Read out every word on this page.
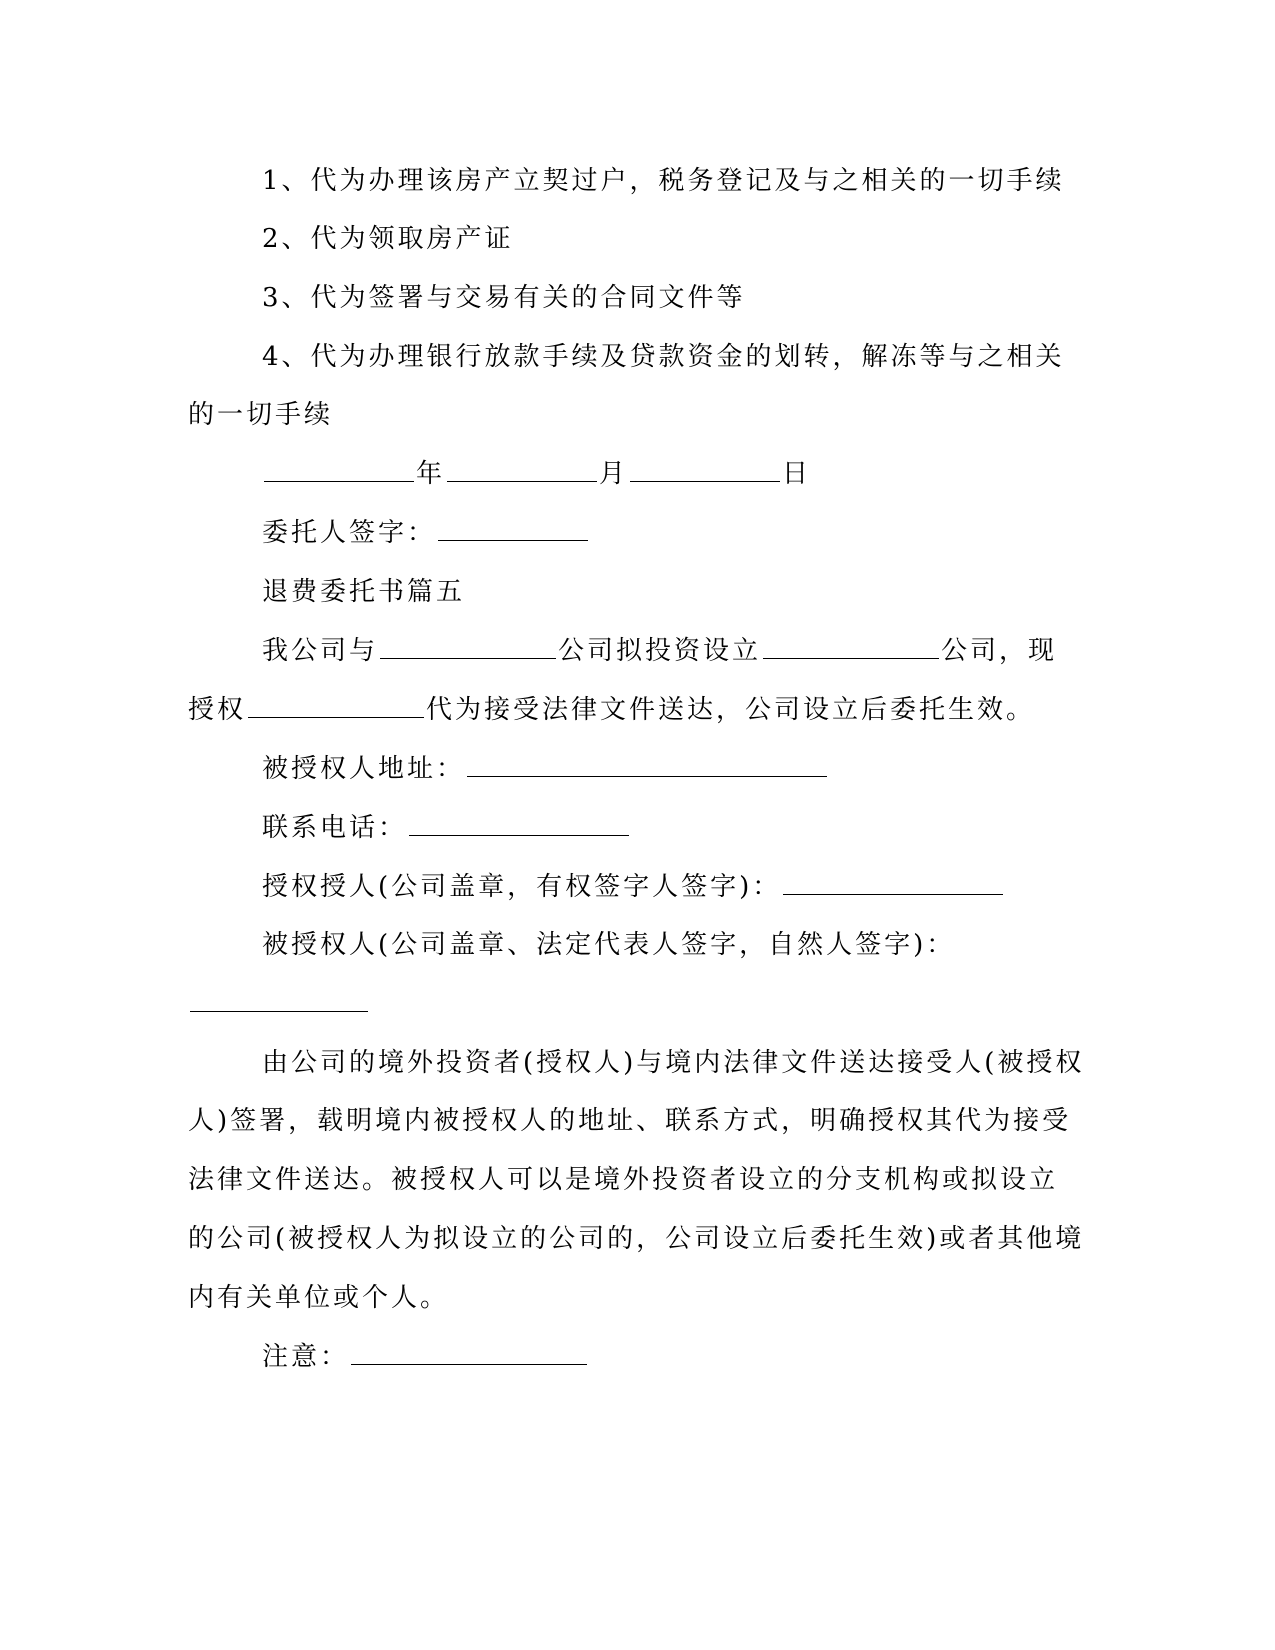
1、代为办理该房产立契过户，税务登记及与之相关的一切手续
2、代为领取房产证
3、代为签署与交易有关的合同文件等
4、代为办理银行放款手续及贷款资金的划转，解冻等与之相关
的一切手续
年	月	日
委托人签字：
退费委托书篇五
我公司与	公司拟投资设立	公司，现
授权	代为接受法律文件送达，公司设立后委托生效。
被授权人地址：
联系电话：
授权授人(公司盖章，有权签字人签字)：
被授权人(公司盖章、法定代表人签字，自然人签字)：
由公司的境外投资者(授权人)与境内法律文件送达接受人(被授权
人)签署，载明境内被授权人的地址、联系方式，明确授权其代为接受
法律文件送达。被授权人可以是境外投资者设立的分支机构或拟设立
的公司(被授权人为拟设立的公司的，公司设立后委托生效)或者其他境
内有关单位或个人。
注意：
